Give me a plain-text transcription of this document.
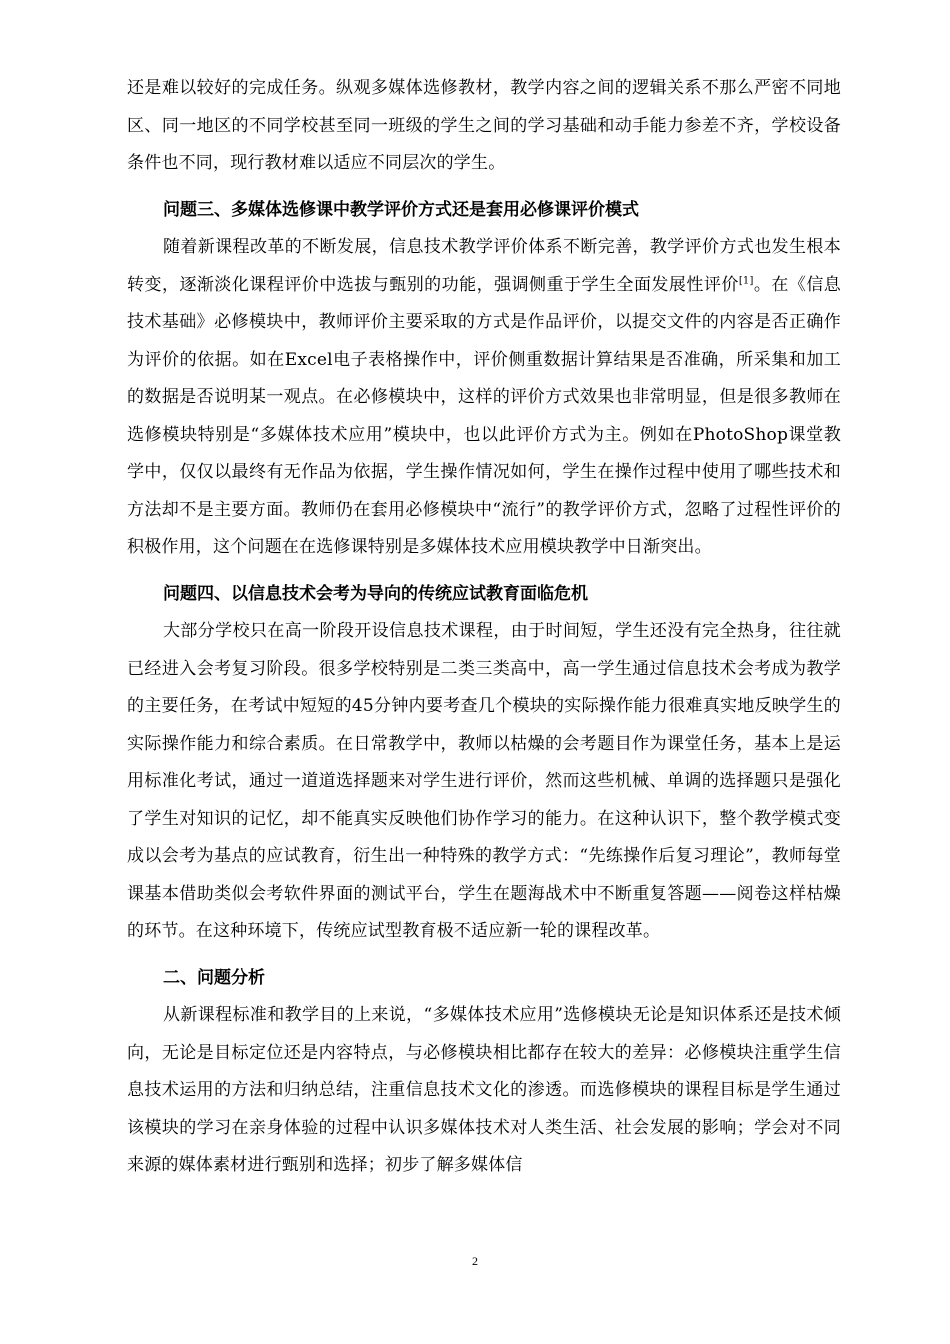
还是难以较好的完成任务。纵观多媒体选修教材，教学内容之间的逻辑关系不那么严密不同地区、同一地区的不同学校甚至同一班级的学生之间的学习基础和动手能力参差不齐，学校设备条件也不同，现行教材难以适应不同层次的学生。

问题三、多媒体选修课中教学评价方式还是套用必修课评价模式

随着新课程改革的不断发展，信息技术教学评价体系不断完善，教学评价方式也发生根本转变，逐渐淡化课程评价中选拔与甄别的功能，强调侧重于学生全面发展性评价[1]。在《信息技术基础》必修模块中，教师评价主要采取的方式是作品评价，以提交文件的内容是否正确作为评价的依据。如在Excel电子表格操作中，评价侧重数据计算结果是否准确，所采集和加工的数据是否说明某一观点。在必修模块中，这样的评价方式效果也非常明显，但是很多教师在选修模块特别是“多媒体技术应用”模块中，也以此评价方式为主。例如在PhotoShop课堂教学中，仅仅以最终有无作品为依据，学生操作情况如何，学生在操作过程中使用了哪些技术和方法却不是主要方面。教师仍在套用必修模块中“流行”的教学评价方式，忽略了过程性评价的积极作用，这个问题在在选修课特别是多媒体技术应用模块教学中日渐突出。

问题四、以信息技术会考为导向的传统应试教育面临危机

大部分学校只在高一阶段开设信息技术课程，由于时间短，学生还没有完全热身，往往就已经进入会考复习阶段。很多学校特别是二类三类高中，高一学生通过信息技术会考成为教学的主要任务，在考试中短短的45分钟内要考查几个模块的实际操作能力很难真实地反映学生的实际操作能力和综合素质。在日常教学中，教师以枯燥的会考题目作为课堂任务，基本上是运用标准化考试，通过一道道选择题来对学生进行评价，然而这些机械、单调的选择题只是强化了学生对知识的记忆，却不能真实反映他们协作学习的能力。在这种认识下，整个教学模式变成以会考为基点的应试教育，衍生出一种特殊的教学方式：“先练操作后复习理论”，教师每堂课基本借助类似会考软件界面的测试平台，学生在题海战术中不断重复答题——阅卷这样枯燥的环节。在这种环境下，传统应试型教育极不适应新一轮的课程改革。

二、问题分析

从新课程标准和教学目的上来说，“多媒体技术应用”选修模块无论是知识体系还是技术倾向，无论是目标定位还是内容特点，与必修模块相比都存在较大的差异：必修模块注重学生信息技术运用的方法和归纳总结，注重信息技术文化的渗透。而选修模块的课程目标是学生通过该模块的学习在亲身体验的过程中认识多媒体技术对人类生活、社会发展的影响；学会对不同来源的媒体素材进行甄别和选择；初步了解多媒体信

2
